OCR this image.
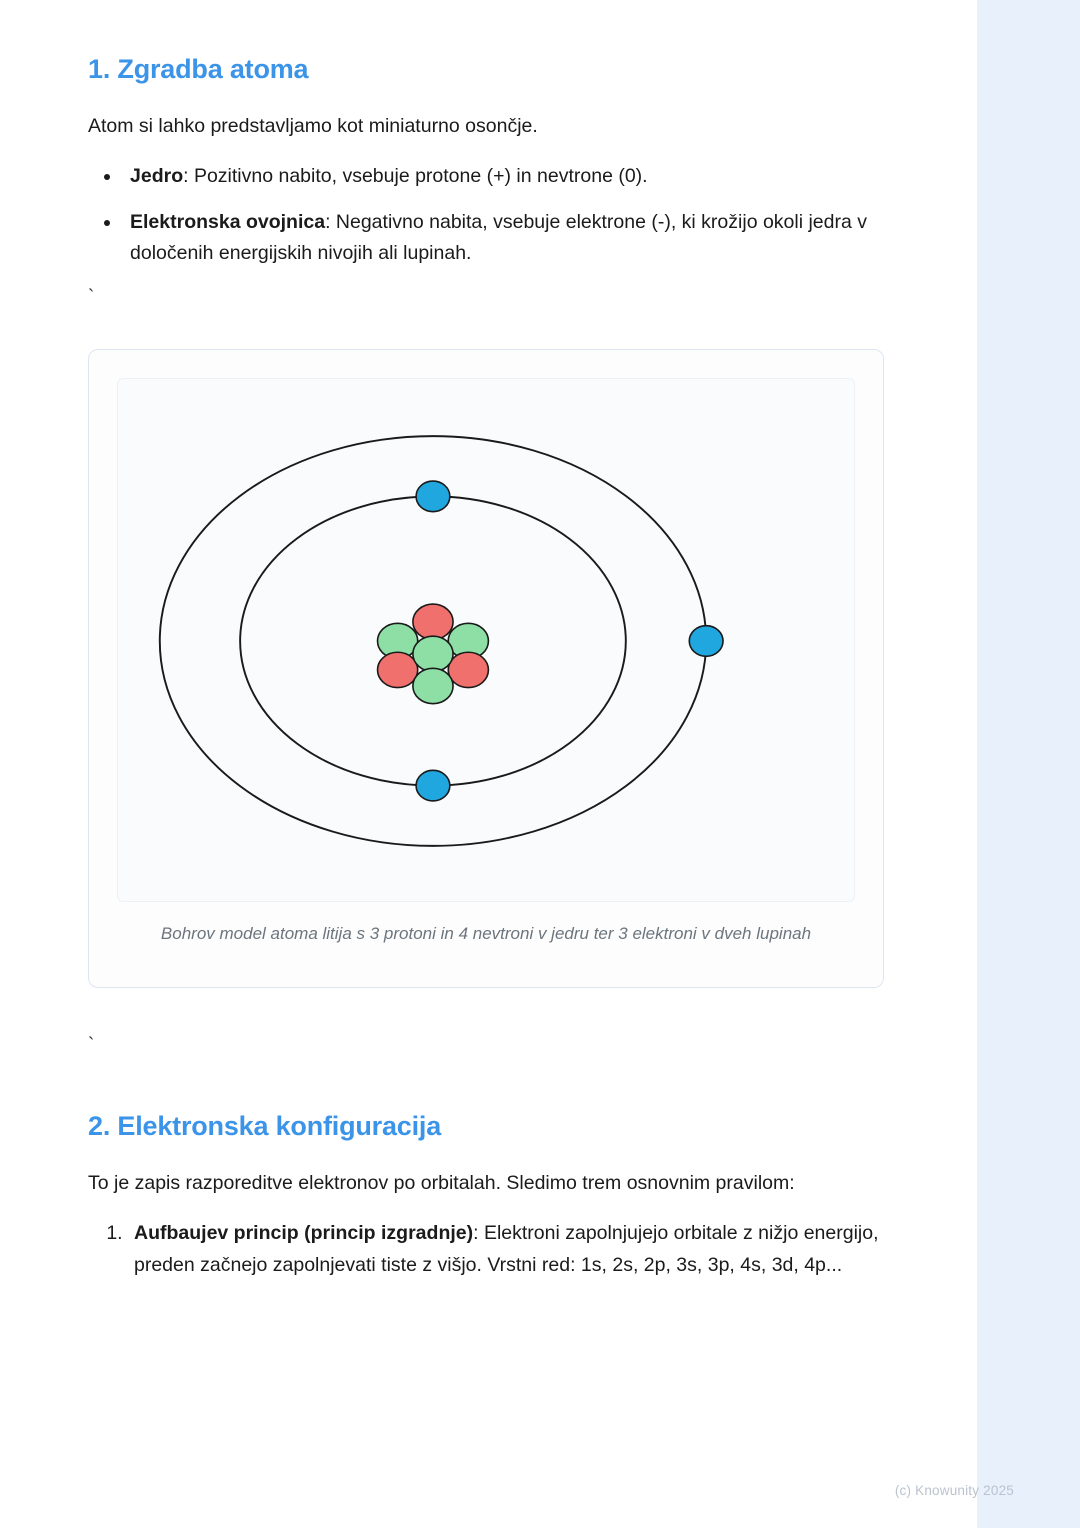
1. Zgradba atoma

Atom si lahko predstavljamo kot miniaturno osončje.

• Jedro: Pozitivno nabito, vsebuje protone (+) in nevtrone (0).
• Elektronska ovojnica: Negativno nabita, vsebuje elektrone (-), ki krožijo okoli jedra v določenih energijskih nivojih ali lupinah.

`

Bohrov model atoma litija s 3 protoni in 4 nevtroni v jedru ter 3 elektroni v dveh lupinah

`

2. Elektronska konfiguracija

To je zapis razporeditve elektronov po orbitalah. Sledimo trem osnovnim pravilom:

1. Aufbaujev princip (princip izgradnje): Elektroni zapolnjujejo orbitale z nižjo energijo, preden začnejo zapolnjevati tiste z višjo. Vrstni red: 1s, 2s, 2p, 3s, 3p, 4s, 3d, 4p...
(c) Knowunity 2025
